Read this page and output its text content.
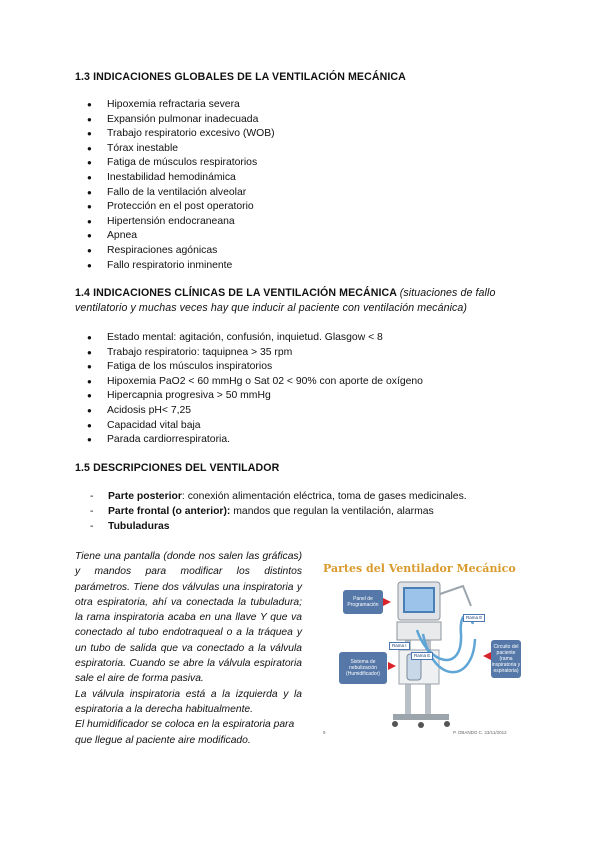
1.3 INDICACIONES GLOBALES DE LA VENTILACIÓN MECÁNICA
● Hipoxemia refractaria severa
● Expansión pulmonar inadecuada
● Trabajo respiratorio excesivo (WOB)
● Tórax inestable
● Fatiga de músculos respiratorios
● Inestabilidad hemodinámica
● Fallo de la ventilación alveolar
● Protección en el post operatorio
● Hipertensión endocraneana
● Apnea
● Respiraciones agónicas
● Fallo respiratorio inminente
1.4 INDICACIONES CLÍNICAS DE LA VENTILACIÓN MECÁNICA (situaciones de fallo
ventilatorio y muchas veces hay que inducir al paciente con ventilación mecánica)
● Estado mental: agitación, confusión, inquietud. Glasgow < 8
● Trabajo respiratorio: taquipnea > 35 rpm
● Fatiga de los músculos inspiratorios
● Hipoxemia PaO2 < 60 mmHg o Sat 02 < 90% con aporte de oxígeno
● Hipercapnia progresiva > 50 mmHg
● Acidosis pH< 7,25
● Capacidad vital baja
● Parada cardiorrespiratoria.
1.5 DESCRIPCIONES DEL VENTILADOR
- Parte posterior: conexión alimentación eléctrica, toma de gases medicinales.
- Parte frontal (o anterior): mandos que regulan la ventilación, alarmas
- Tubuladuras

Tiene una pantalla (donde nos salen las gráficas) y mandos para modificar los distintos parámetros. Tiene dos válvulas una inspiratoria y otra espiratoria, ahí va conectada la tubuladura; la rama inspiratoria acaba en una llave Y que va conectado al tubo endotraqueal o a la tráquea y un tubo de salida que va conectado a la válvula espiratoria. Cuando se abre la válvula espiratoria sale el aire de forma pasiva.

La válvula inspiratoria está a la izquierda y la espiratoria a la derecha habitualmente.

El humidificador se coloca en la espiratoria para que llegue al paciente aire modificado.

Partes del Ventilador Mecánico
Panel de Programación
Sistema de nebulización (Humidificador)
Circuito del paciente (rama inspiratoria y espiratoria)
Rama I
Rama E
Rama E
9	P. OBANDO C. 23/11/2012
